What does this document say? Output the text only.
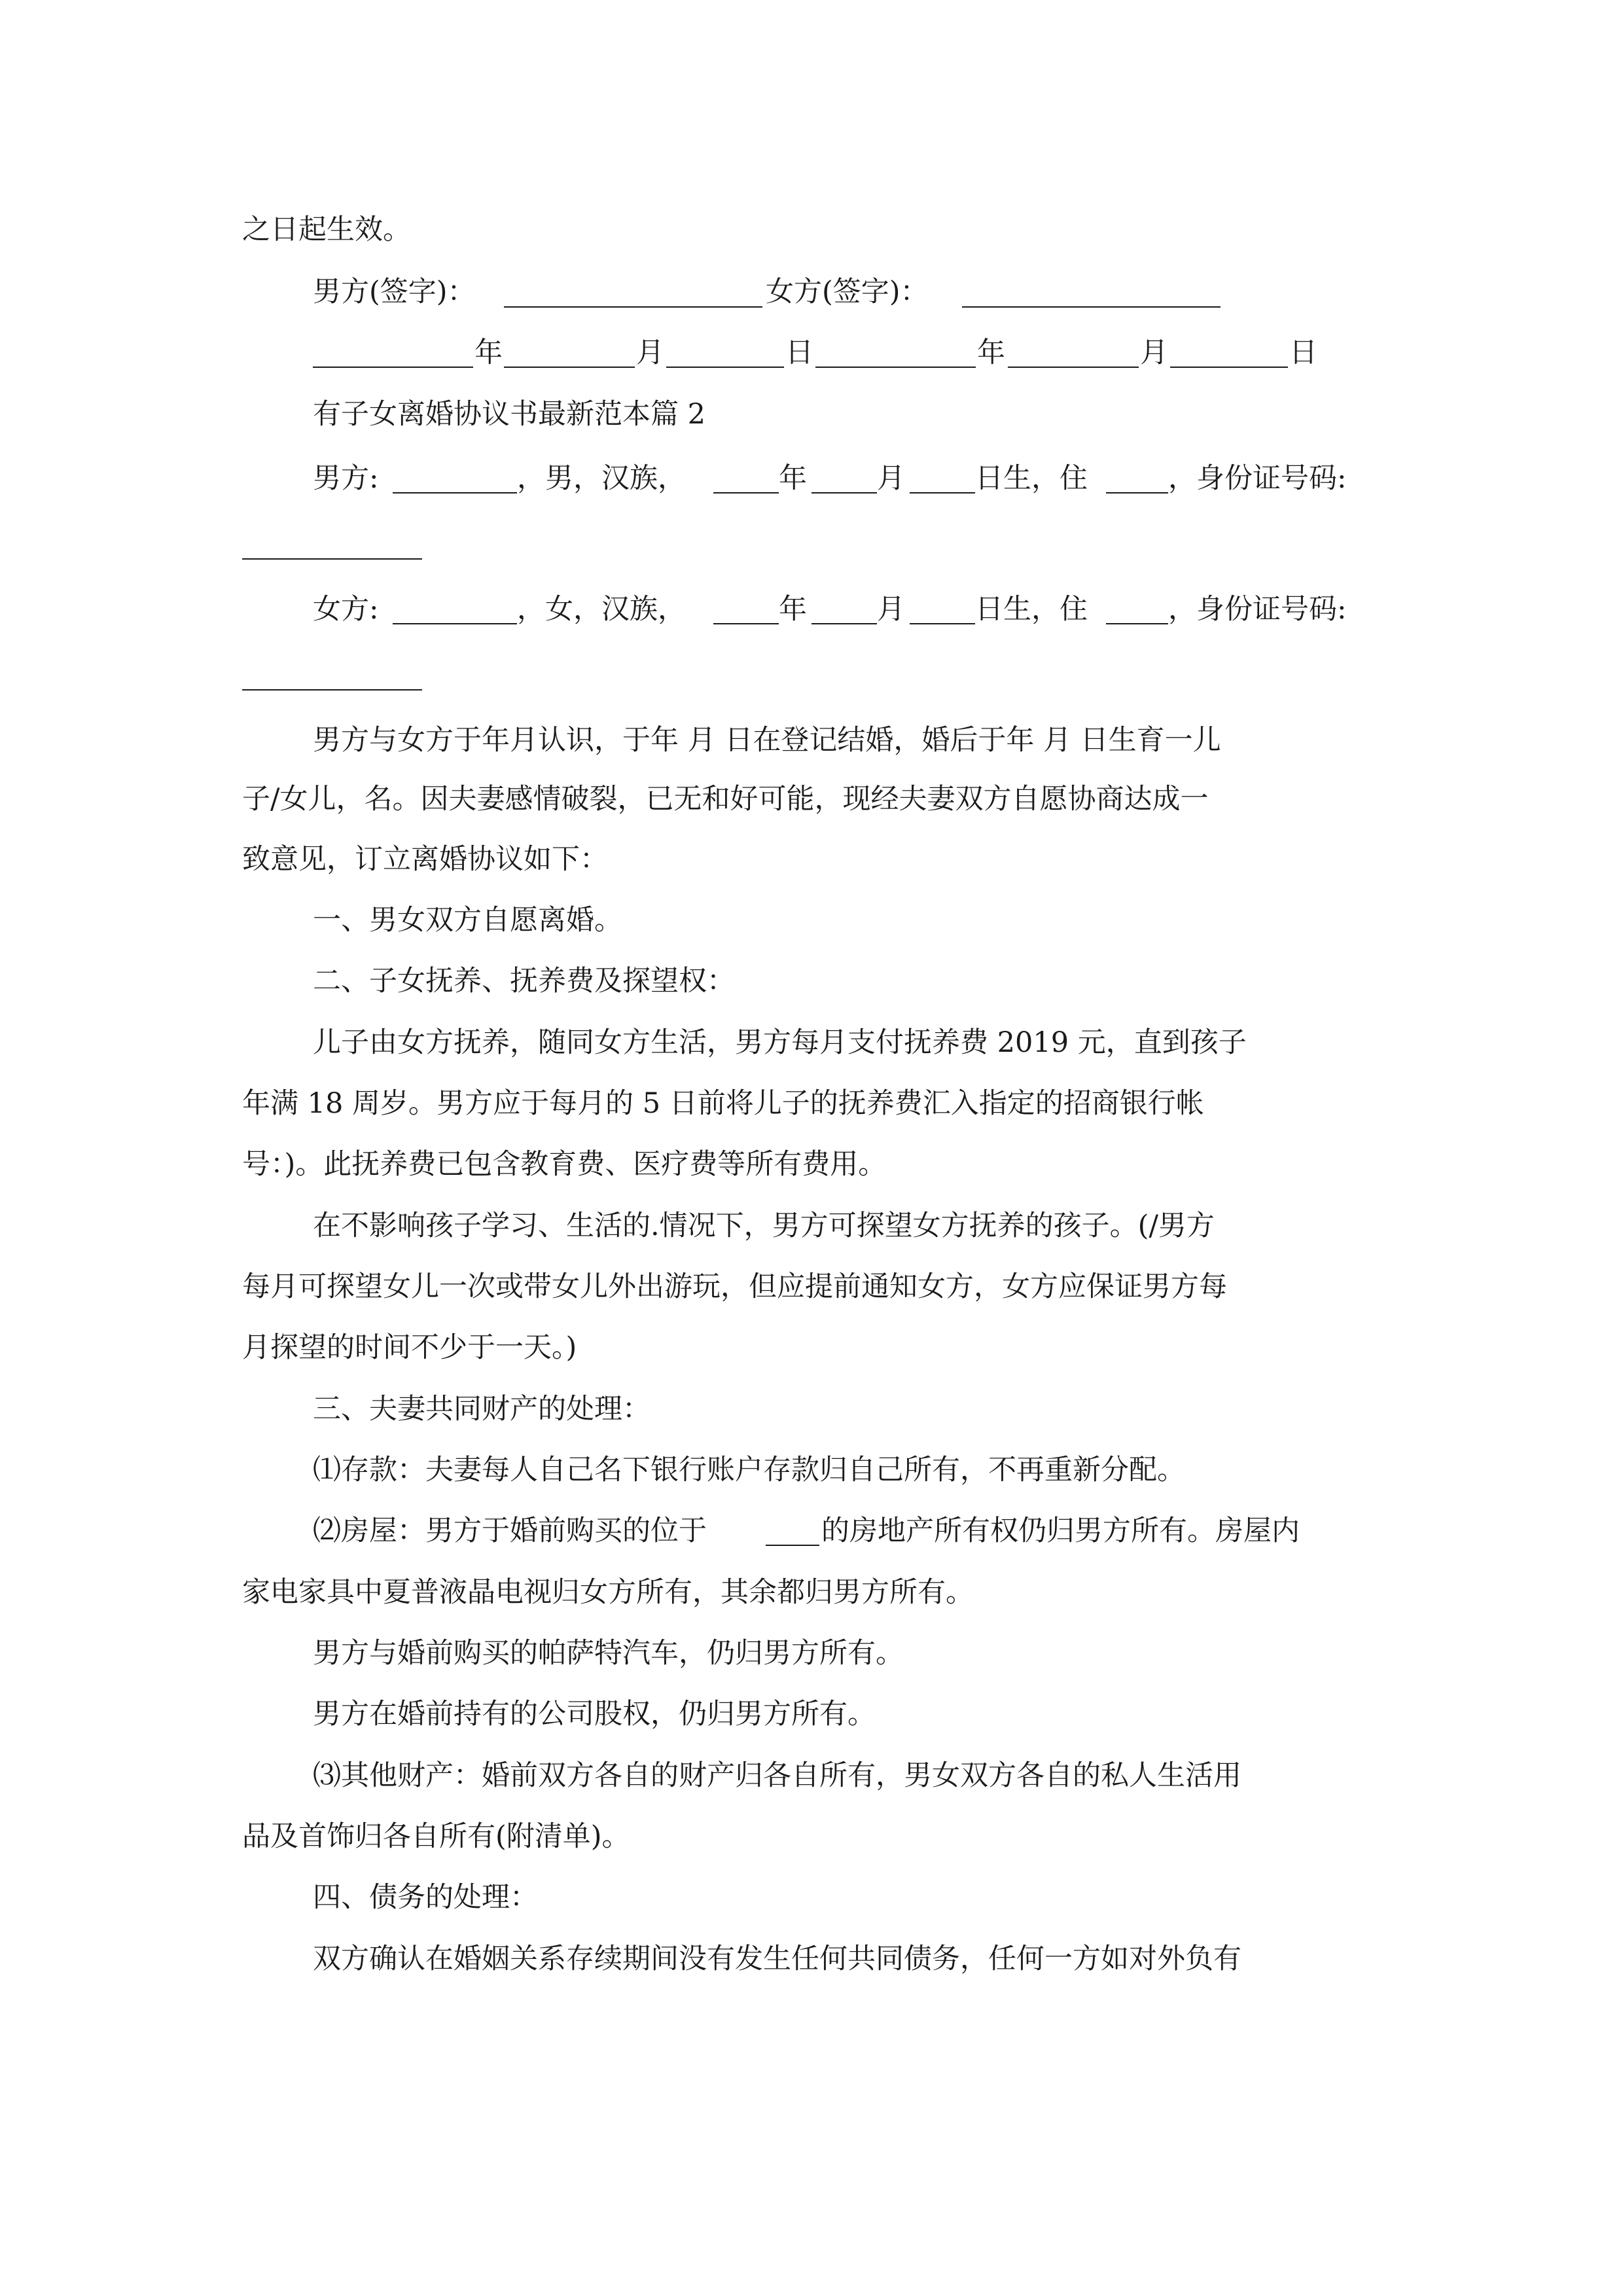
之日起生效。
男方(签字)：	女方(签字)：
年	月	日	年	月	日
有子女离婚协议书最新范本篇 2
男方:	，男，汉族，	年 月 日生，住	，身份证号码:
女方:	，女，汉族，	年 月 日生，住	，身份证号码:
男方与女方于年月认识，于年 月 日在登记结婚，婚后于年 月 日生育一儿
子/女儿，名。因夫妻感情破裂，已无和好可能，现经夫妻双方自愿协商达成一
致意见，订立离婚协议如下：
一、男女双方自愿离婚。
二、子女抚养、抚养费及探望权：
儿子由女方抚养，随同女方生活，男方每月支付抚养费 2019 元，直到孩子
年满 18 周岁。男方应于每月的 5 日前将儿子的抚养费汇入指定的招商银行帐
号：)。此抚养费已包含教育费、医疗费等所有费用。
在不影响孩子学习、生活的.情况下，男方可探望女方抚养的孩子。(/男方
每月可探望女儿一次或带女儿外出游玩，但应提前通知女方，女方应保证男方每
月探望的时间不少于一天。)
三、夫妻共同财产的处理：
⑴存款：夫妻每人自己名下银行账户存款归自己所有，不再重新分配。
⑵房屋：男方于婚前购买的位于	的房地产所有权仍归男方所有。房屋内
家电家具中夏普液晶电视归女方所有，其余都归男方所有。
男方与婚前购买的帕萨特汽车，仍归男方所有。
男方在婚前持有的公司股权，仍归男方所有。
⑶其他财产：婚前双方各自的财产归各自所有，男女双方各自的私人生活用
品及首饰归各自所有(附清单)。
四、债务的处理：
双方确认在婚姻关系存续期间没有发生任何共同债务，任何一方如对外负有
